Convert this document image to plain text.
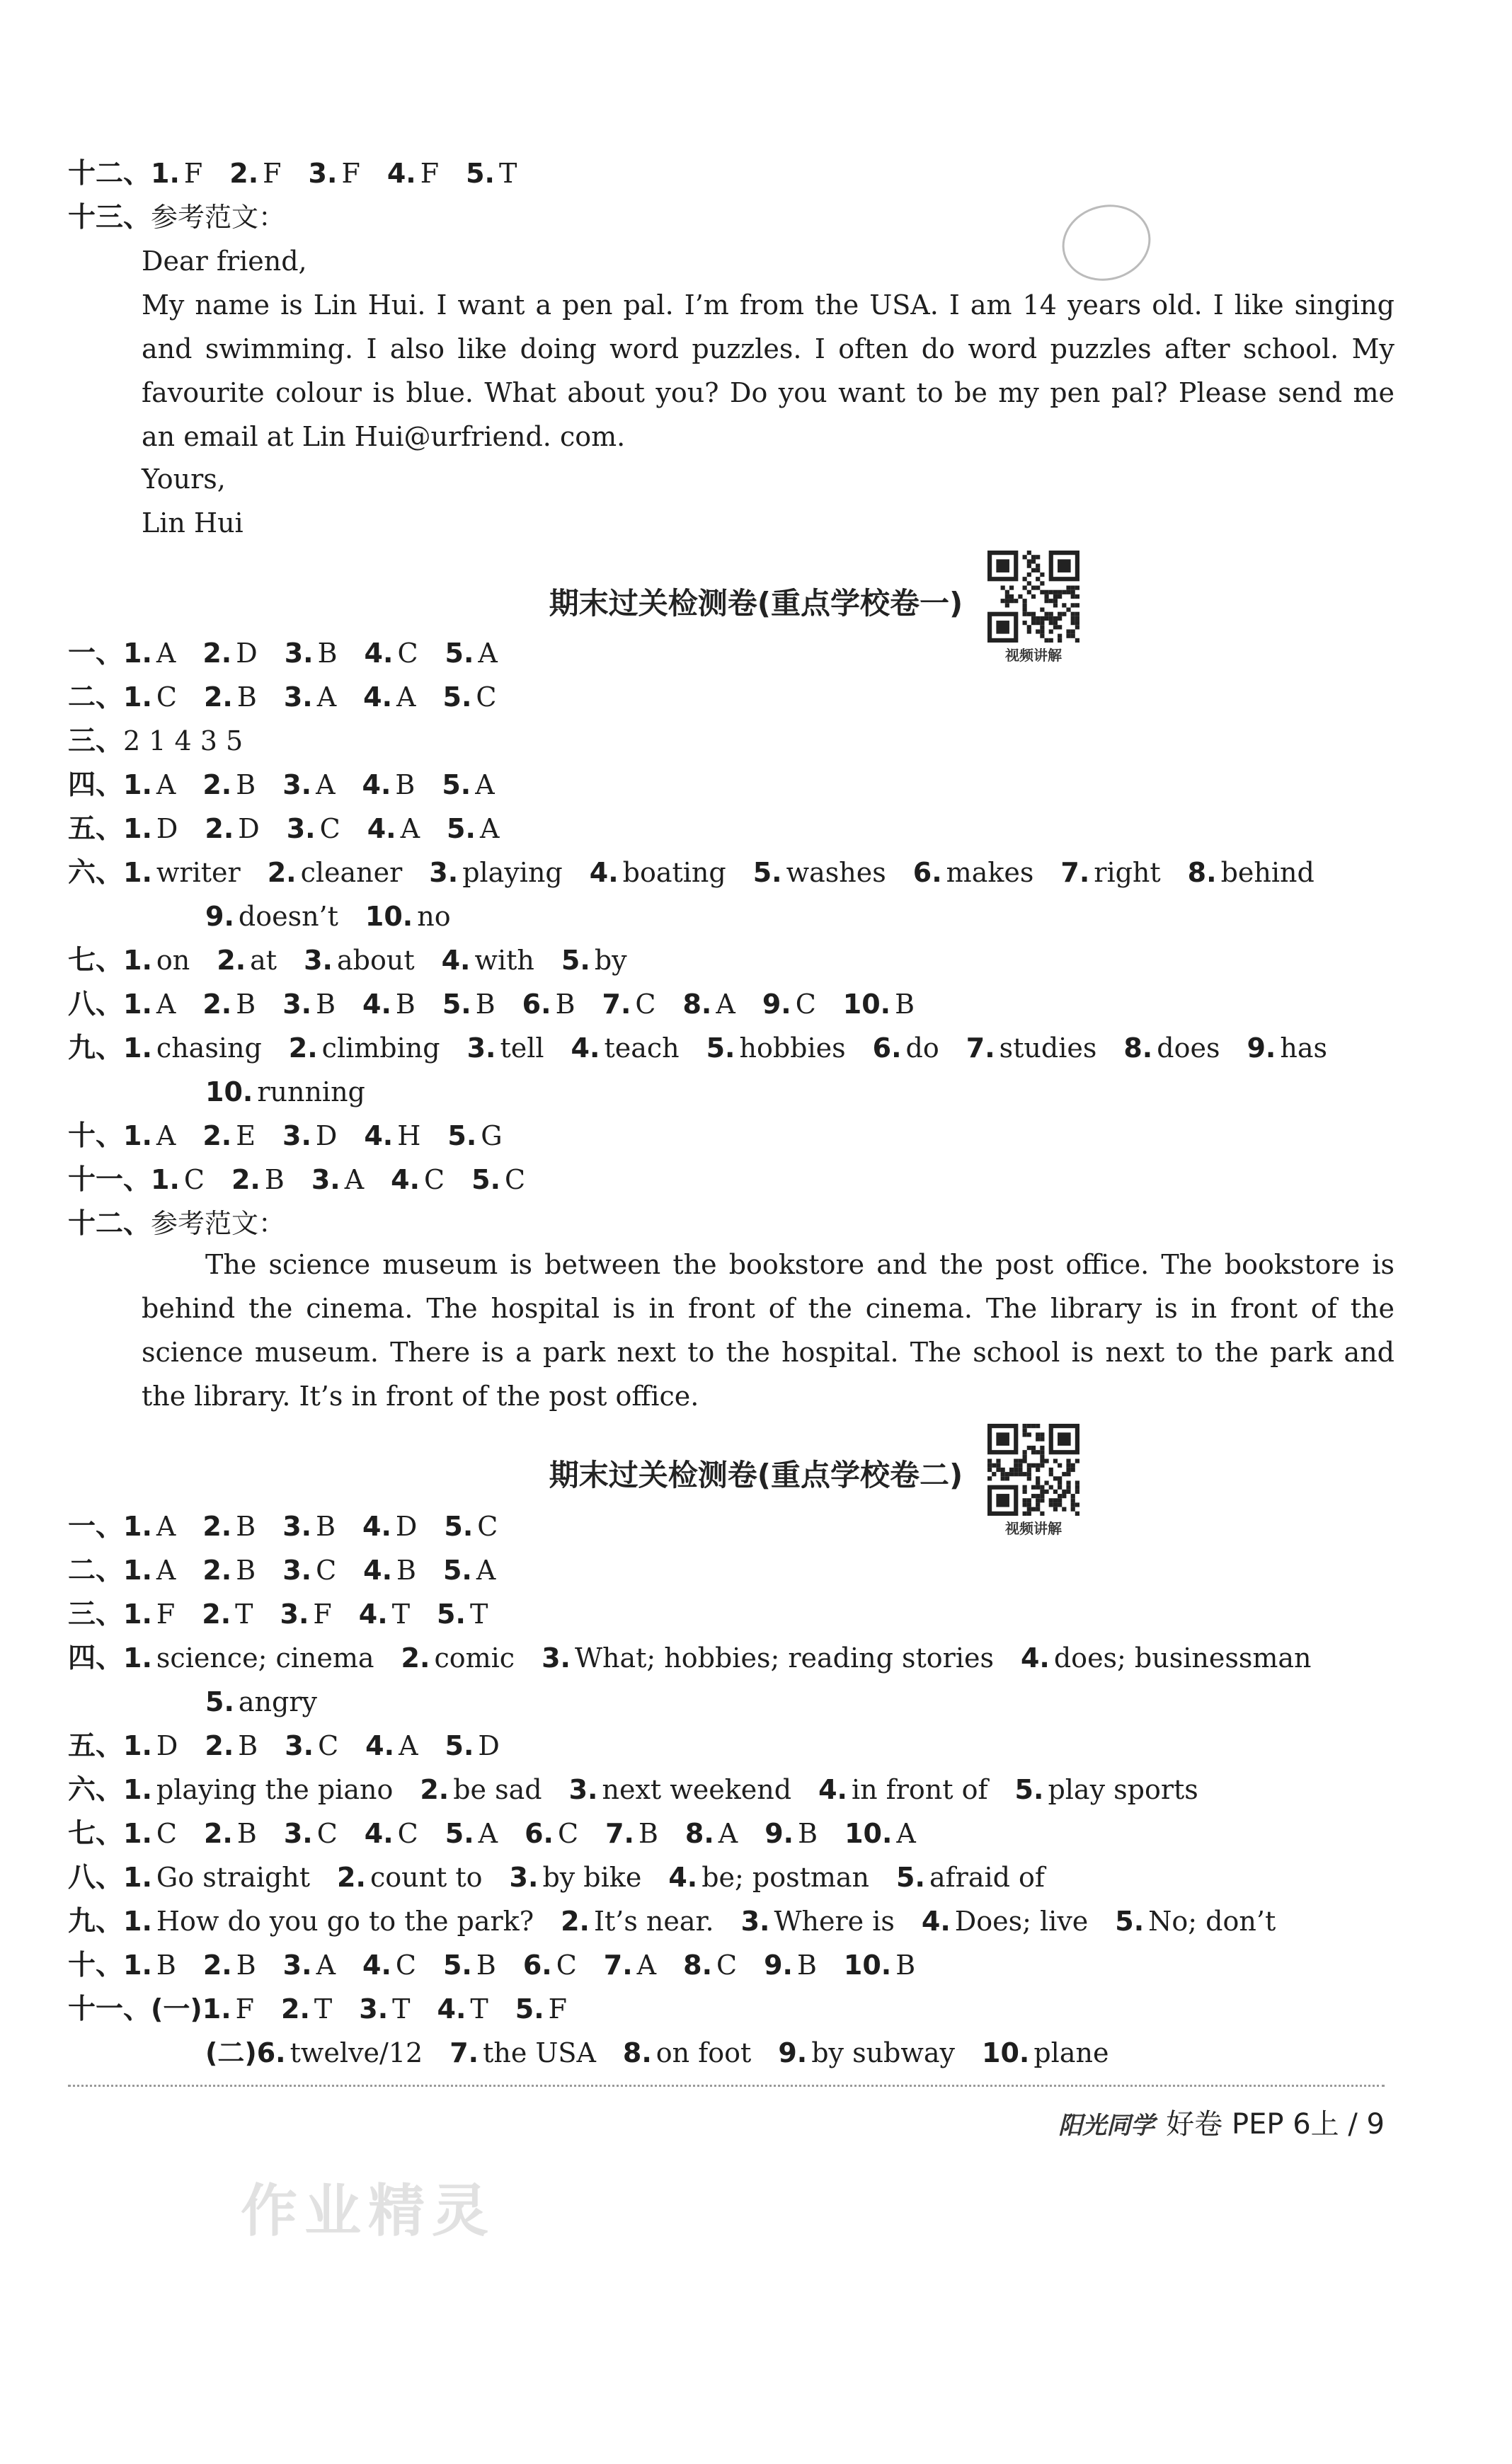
十二、1. F 2. F 3. F 4. F 5. T
十三、参考范文：
Dear friend,
My name is Lin Hui. I want a pen pal. I’m from the USA. I am 14 years old. I like singing and swimming. I also like doing word puzzles. I often do word puzzles after school. My favourite colour is blue. What about you? Do you want to be my pen pal? Please send me an email at Lin Hui@urfriend. com.
Yours,
Lin Hui
期末过关检测卷(重点学校卷一)
视频讲解
一、1. A 2. D 3. B 4. C 5. A
二、1. C 2. B 3. A 4. A 5. C
三、2 1 4 3 5
四、1. A 2. B 3. A 4. B 5. A
五、1. D 2. D 3. C 4. A 5. A
六、1. writer 2. cleaner 3. playing 4. boating 5. washes 6. makes 7. right 8. behind
9. doesn’t 10. no
七、1. on 2. at 3. about 4. with 5. by
八、1. A 2. B 3. B 4. B 5. B 6. B 7. C 8. A 9. C 10. B
九、1. chasing 2. climbing 3. tell 4. teach 5. hobbies 6. do 7. studies 8. does 9. has
10. running
十、1. A 2. E 3. D 4. H 5. G
十一、1. C 2. B 3. A 4. C 5. C
十二、参考范文：
The science museum is between the bookstore and the post office. The bookstore is behind the cinema. The hospital is in front of the cinema. The library is in front of the science museum. There is a park next to the hospital. The school is next to the park and the library. It’s in front of the post office.
期末过关检测卷(重点学校卷二)
视频讲解
一、1. A 2. B 3. B 4. D 5. C
二、1. A 2. B 3. C 4. B 5. A
三、1. F 2. T 3. F 4. T 5. T
四、1. science; cinema 2. comic 3. What; hobbies; reading stories 4. does; businessman
5. angry
五、1. D 2. B 3. C 4. A 5. D
六、1. playing the piano 2. be sad 3. next weekend 4. in front of 5. play sports
七、1. C 2. B 3. C 4. C 5. A 6. C 7. B 8. A 9. B 10. A
八、1. Go straight 2. count to 3. by bike 4. be; postman 5. afraid of
九、1. How do you go to the park? 2. It’s near. 3. Where is 4. Does; live 5. No; don’t
十、1. B 2. B 3. A 4. C 5. B 6. C 7. A 8. C 9. B 10. B
十一、(一)1. F 2. T 3. T 4. T 5. F
(二)6. twelve/12 7. the USA 8. on foot 9. by subway 10. plane
阳光同学 好卷 PEP 6上 / 9
作业精灵
